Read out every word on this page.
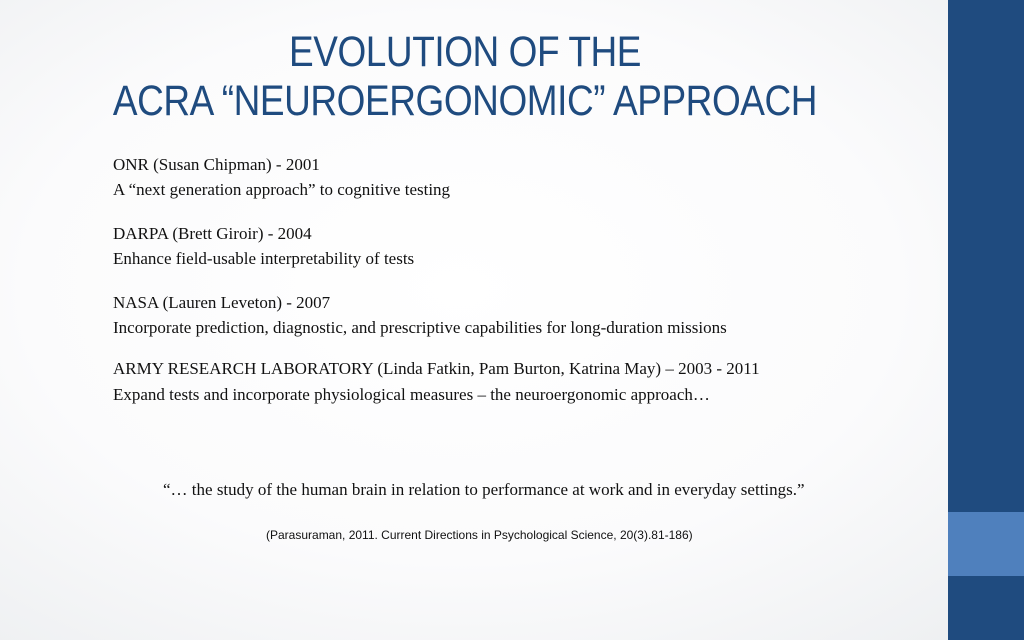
EVOLUTION OF THE
ACRA “NEUROERGONOMIC” APPROACH
ONR (Susan Chipman) - 2001
A “next generation approach” to cognitive testing
DARPA (Brett Giroir) - 2004
Enhance field-usable interpretability of tests
NASA (Lauren Leveton) - 2007
Incorporate prediction, diagnostic, and prescriptive capabilities for long-duration missions
ARMY RESEARCH LABORATORY (Linda Fatkin, Pam Burton, Katrina May) – 2003 - 2011
Expand tests and incorporate physiological measures – the neuroergonomic approach…
“… the study of the human brain in relation to performance at work and in everyday settings.”
(Parasuraman, 2011. Current Directions in Psychological Science, 20(3).81-186)
